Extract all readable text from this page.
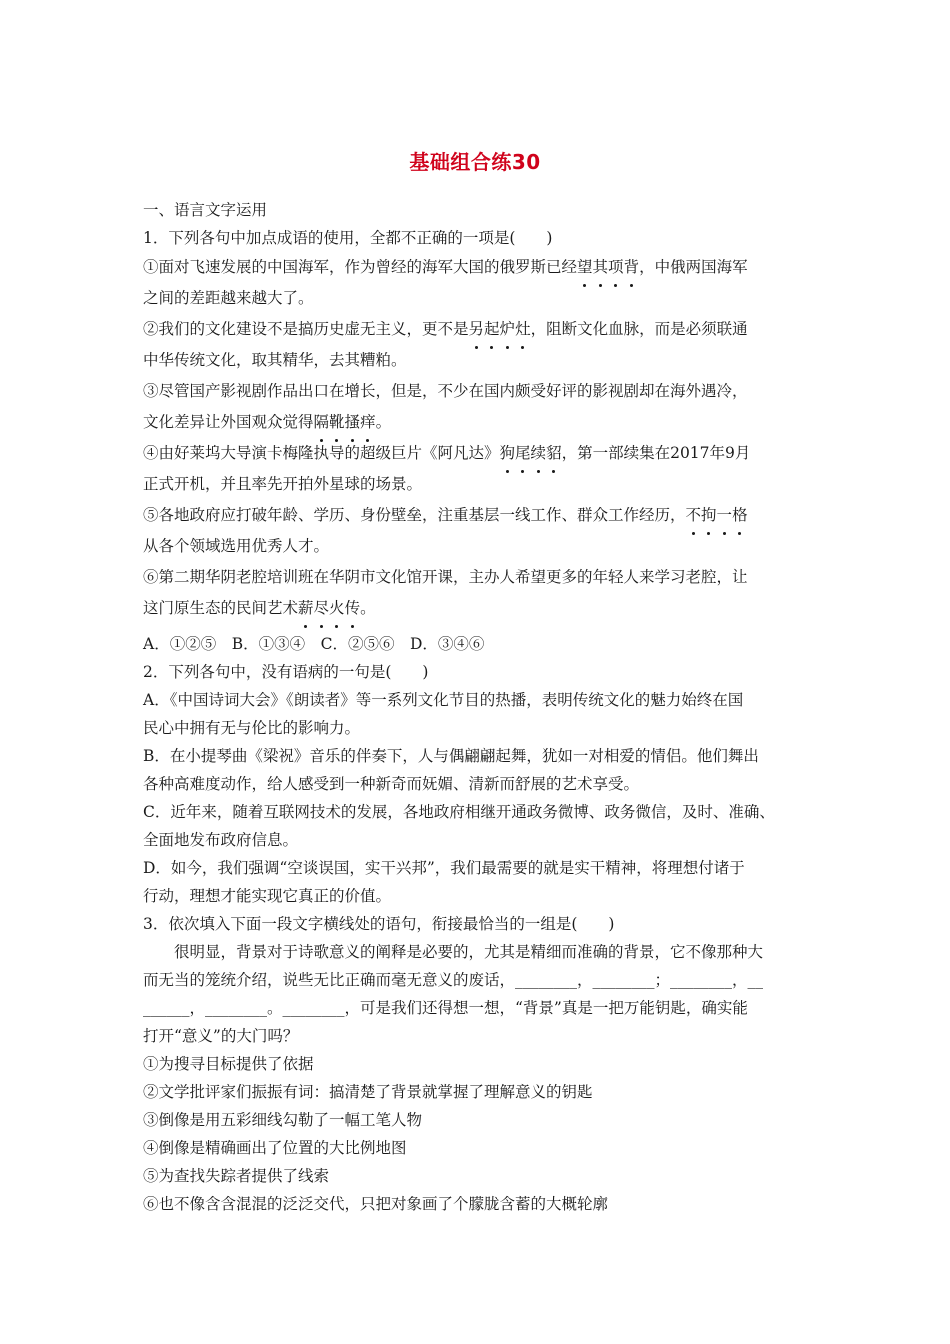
基础组合练30
一、语言文字运用
1．下列各句中加点成语的使用，全都不正确的一项是(　　)
①面对飞速发展的中国海军，作为曾经的海军大国的俄罗斯已经望其项背，中俄两国海军
之间的差距越来越大了。
②我们的文化建设不是搞历史虚无主义，更不是另起炉灶，阻断文化血脉，而是必须联通
中华传统文化，取其精华，去其糟粕。
③尽管国产影视剧作品出口在增长，但是，不少在国内颇受好评的影视剧却在海外遇冷，
文化差异让外国观众觉得隔靴搔痒。
④由好莱坞大导演卡梅隆执导的超级巨片《阿凡达》狗尾续貂，第一部续集在2017年9月
正式开机，并且率先开拍外星球的场景。
⑤各地政府应打破年龄、学历、身份壁垒，注重基层一线工作、群众工作经历，不拘一格
从各个领域选用优秀人才。
⑥第二期华阴老腔培训班在华阴市文化馆开课，主办人希望更多的年轻人来学习老腔，让
这门原生态的民间艺术薪尽火传。
A．①②⑤　B．①③④　C．②⑤⑥　D．③④⑥
2．下列各句中，没有语病的一句是(　　)
A．《中国诗词大会》《朗读者》等一系列文化节目的热播，表明传统文化的魅力始终在国
民心中拥有无与伦比的影响力。
B．在小提琴曲《梁祝》音乐的伴奏下，人与偶翩翩起舞，犹如一对相爱的情侣。他们舞出
各种高难度动作，给人感受到一种新奇而妩媚、清新而舒展的艺术享受。
C．近年来，随着互联网技术的发展，各地政府相继开通政务微博、政务微信，及时、准确、
全面地发布政府信息。
D．如今，我们强调“空谈误国，实干兴邦”，我们最需要的就是实干精神，将理想付诸于
行动，理想才能实现它真正的价值。
3．依次填入下面一段文字横线处的语句，衔接最恰当的一组是(　　)
很明显，背景对于诗歌意义的阐释是必要的，尤其是精细而准确的背景，它不像那种大
而无当的笼统介绍，说些无比正确而毫无意义的废话，________，________；________，__
______，________。________，可是我们还得想一想，“背景”真是一把万能钥匙，确实能
打开“意义”的大门吗？
①为搜寻目标提供了依据
②文学批评家们振振有词：搞清楚了背景就掌握了理解意义的钥匙
③倒像是用五彩细线勾勒了一幅工笔人物
④倒像是精确画出了位置的大比例地图
⑤为查找失踪者提供了线索
⑥也不像含含混混的泛泛交代，只把对象画了个朦胧含蓄的大概轮廓
